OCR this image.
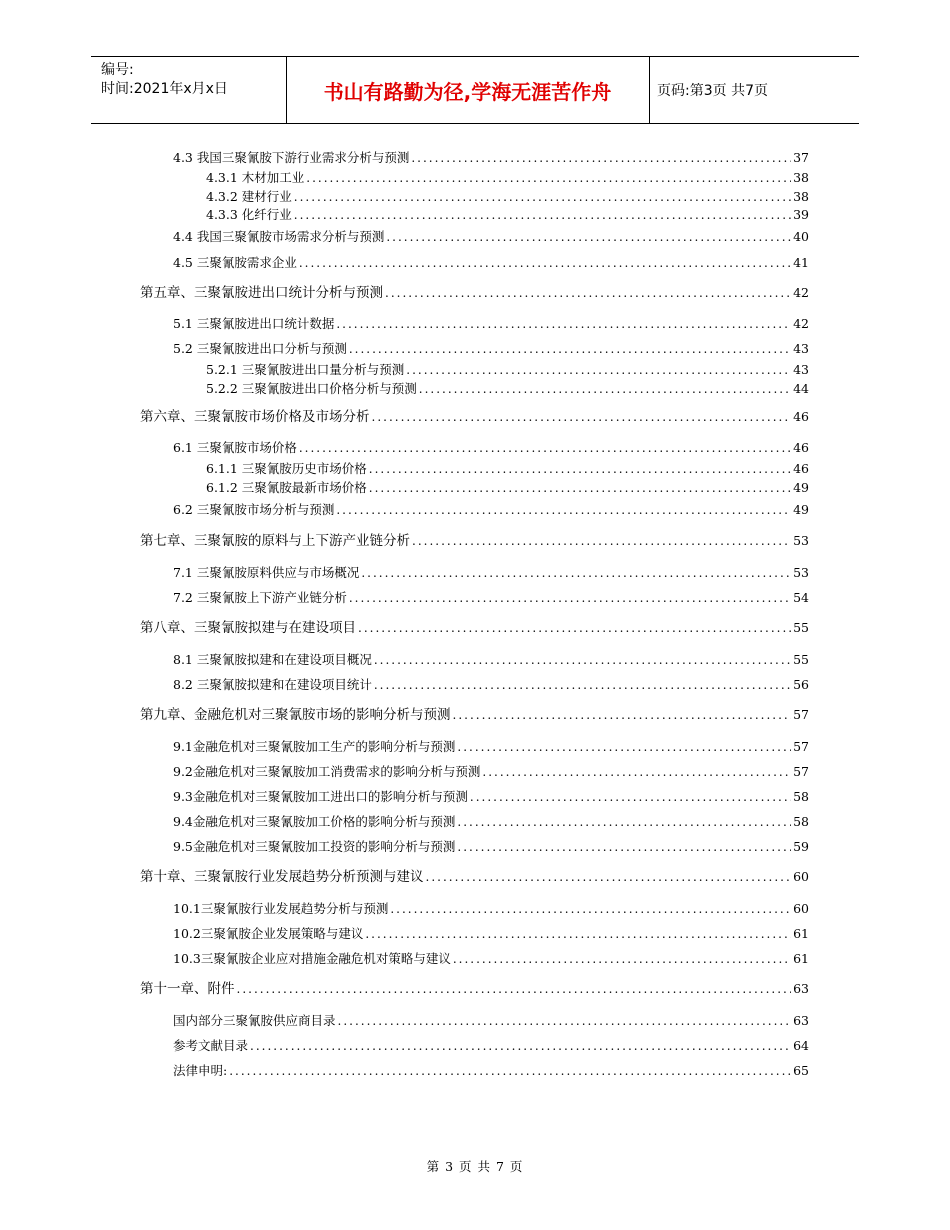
编号:
时间:2021年x月x日	书山有路勤为径,学海无涯苦作舟	页码:第3页 共7页
4.3 我国三聚氰胺下游行业需求分析与预测 .....	37
4.3.1 木材加工业 .....	38
4.3.2 建材行业 .....	38
4.3.3 化纤行业 .....	39
4.4 我国三聚氰胺市场需求分析与预测 .....	40
4.5 三聚氰胺需求企业 .....	41
第五章、三聚氰胺进出口统计分析与预测 .....	42
5.1 三聚氰胺进出口统计数据 .....	42
5.2 三聚氰胺进出口分析与预测 .....	43
5.2.1 三聚氰胺进出口量分析与预测 .....	43
5.2.2 三聚氰胺进出口价格分析与预测 .....	44
第六章、三聚氰胺市场价格及市场分析 .....	46
6.1 三聚氰胺市场价格 .....	46
6.1.1 三聚氰胺历史市场价格 .....	46
6.1.2 三聚氰胺最新市场价格 .....	49
6.2 三聚氰胺市场分析与预测 .....	49
第七章、三聚氰胺的原料与上下游产业链分析 .....	53
7.1 三聚氰胺原料供应与市场概况 .....	53
7.2 三聚氰胺上下游产业链分析 .....	54
第八章、三聚氰胺拟建与在建设项目 .....	55
8.1 三聚氰胺拟建和在建设项目概况 .....	55
8.2 三聚氰胺拟建和在建设项目统计 .....	56
第九章、金融危机对三聚氰胺市场的影响分析与预测 .....	57
9.1金融危机对三聚氰胺加工生产的影响分析与预测 .....	57
9.2金融危机对三聚氰胺加工消费需求的影响分析与预测 .....	57
9.3金融危机对三聚氰胺加工进出口的影响分析与预测 .....	58
9.4金融危机对三聚氰胺加工价格的影响分析与预测 .....	58
9.5金融危机对三聚氰胺加工投资的影响分析与预测 .....	59
第十章、三聚氰胺行业发展趋势分析预测与建议 .....	60
10.1三聚氰胺行业发展趋势分析与预测 .....	60
10.2三聚氰胺企业发展策略与建议 .....	61
10.3三聚氰胺企业应对措施金融危机对策略与建议 .....	61
第十一章、附件 .....	63
国内部分三聚氰胺供应商目录 .....	63
参考文献目录 .....	64
法律申明: .....	65
第 3 页 共 7 页
